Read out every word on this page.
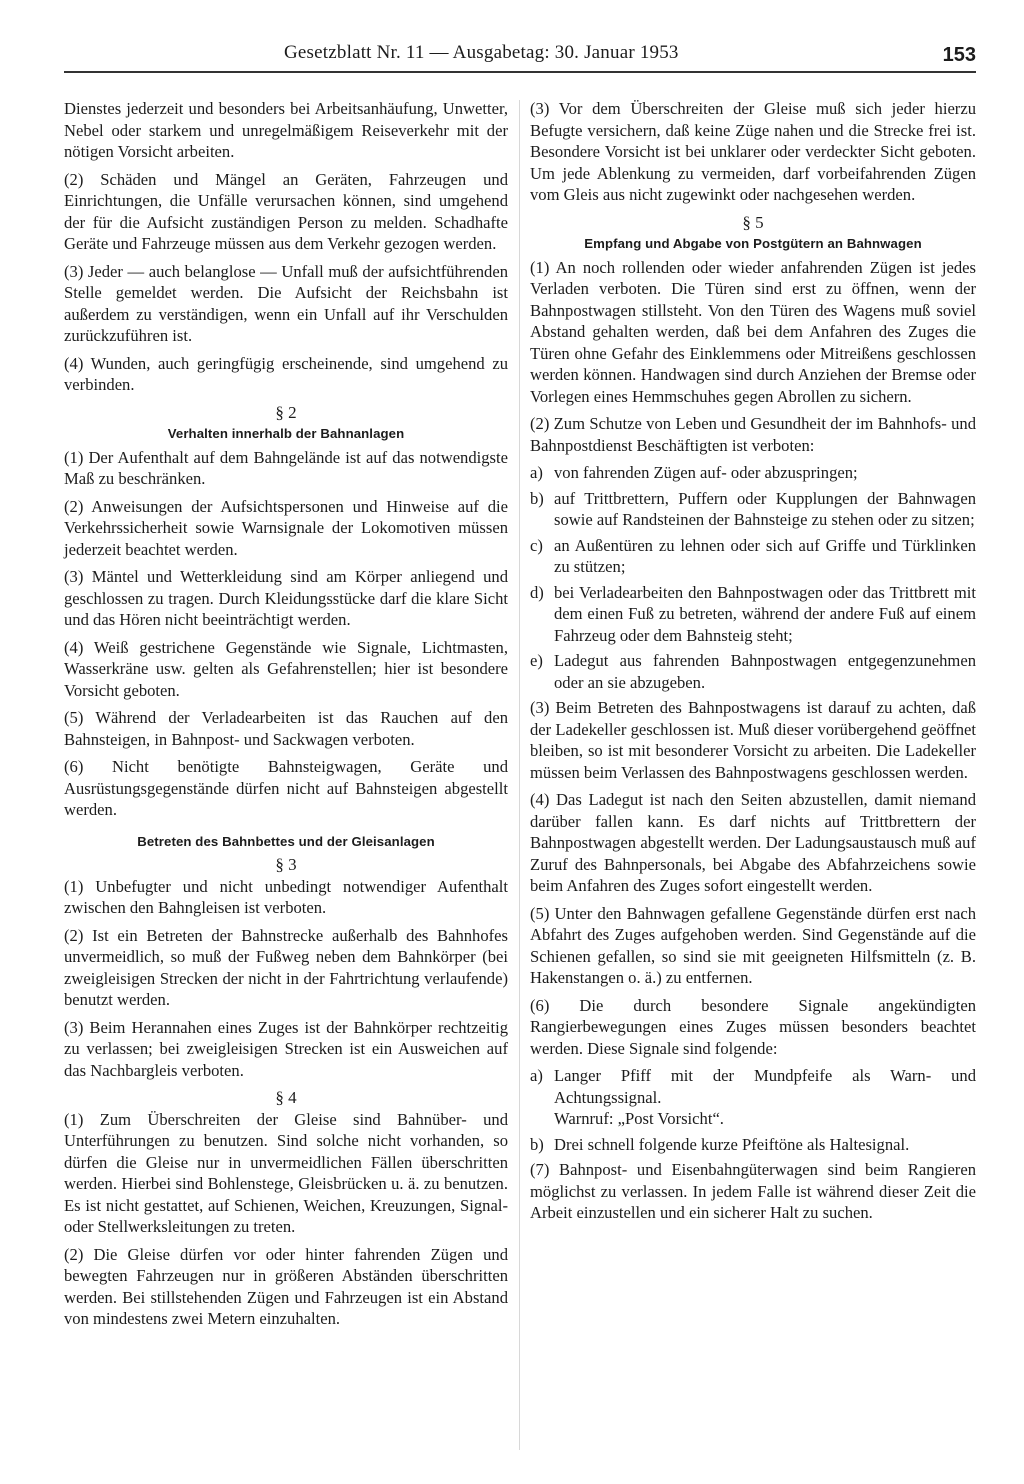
Gesetzblatt Nr. 11 — Ausgabetag: 30. Januar 1953	153

Dienstes jederzeit und besonders bei Arbeitsanhäufung, Unwetter, Nebel oder starkem und unregelmäßigem Reiseverkehr mit der nötigen Vorsicht arbeiten.

(2) Schäden und Mängel an Geräten, Fahrzeugen und Einrichtungen, die Unfälle verursachen können, sind umgehend der für die Aufsicht zuständigen Person zu melden. Schadhafte Geräte und Fahrzeuge müssen aus dem Verkehr gezogen werden.

(3) Jeder — auch belanglose — Unfall muß der aufsichtführenden Stelle gemeldet werden. Die Aufsicht der Reichsbahn ist außerdem zu verständigen, wenn ein Unfall auf ihr Verschulden zurückzuführen ist.

(4) Wunden, auch geringfügig erscheinende, sind umgehend zu verbinden.

§ 2
Verhalten innerhalb der Bahnanlagen

(1) Der Aufenthalt auf dem Bahngelände ist auf das notwendigste Maß zu beschränken.

(2) Anweisungen der Aufsichtspersonen und Hinweise auf die Verkehrssicherheit sowie Warnsignale der Lokomotiven müssen jederzeit beachtet werden.

(3) Mäntel und Wetterkleidung sind am Körper anliegend und geschlossen zu tragen. Durch Kleidungsstücke darf die klare Sicht und das Hören nicht beeinträchtigt werden.

(4) Weiß gestrichene Gegenstände wie Signale, Lichtmasten, Wasserkräne usw. gelten als Gefahrenstellen; hier ist besondere Vorsicht geboten.

(5) Während der Verladearbeiten ist das Rauchen auf den Bahnsteigen, in Bahnpost- und Sackwagen verboten.

(6) Nicht benötigte Bahnsteigwagen, Geräte und Ausrüstungsgegenstände dürfen nicht auf Bahnsteigen abgestellt werden.

Betreten des Bahnbettes und der Gleisanlagen
§ 3

(1) Unbefugter und nicht unbedingt notwendiger Aufenthalt zwischen den Bahngleisen ist verboten.

(2) Ist ein Betreten der Bahnstrecke außerhalb des Bahnhofes unvermeidlich, so muß der Fußweg neben dem Bahnkörper (bei zweigleisigen Strecken der nicht in der Fahrtrichtung verlaufende) benutzt werden.

(3) Beim Herannahen eines Zuges ist der Bahnkörper rechtzeitig zu verlassen; bei zweigleisigen Strecken ist ein Ausweichen auf das Nachbargleis verboten.

§ 4

(1) Zum Überschreiten der Gleise sind Bahnüber- und Unterführungen zu benutzen. Sind solche nicht vorhanden, so dürfen die Gleise nur in unvermeidlichen Fällen überschritten werden. Hierbei sind Bohlenstege, Gleisbrücken u. ä. zu benutzen. Es ist nicht gestattet, auf Schienen, Weichen, Kreuzungen, Signal- oder Stellwerksleitungen zu treten.

(2) Die Gleise dürfen vor oder hinter fahrenden Zügen und bewegten Fahrzeugen nur in größeren Abständen überschritten werden. Bei stillstehenden Zügen und Fahrzeugen ist ein Abstand von mindestens zwei Metern einzuhalten.

(3) Vor dem Überschreiten der Gleise muß sich jeder hierzu Befugte versichern, daß keine Züge nahen und die Strecke frei ist. Besondere Vorsicht ist bei unklarer oder verdeckter Sicht geboten. Um jede Ablenkung zu vermeiden, darf vorbeifahrenden Zügen vom Gleis aus nicht zugewinkt oder nachgesehen werden.

§ 5
Empfang und Abgabe von Postgütern an Bahnwagen

(1) An noch rollenden oder wieder anfahrenden Zügen ist jedes Verladen verboten. Die Türen sind erst zu öffnen, wenn der Bahnpostwagen stillsteht. Von den Türen des Wagens muß soviel Abstand gehalten werden, daß bei dem Anfahren des Zuges die Türen ohne Gefahr des Einklemmens oder Mitreißens geschlossen werden können. Handwagen sind durch Anziehen der Bremse oder Vorlegen eines Hemmschuhes gegen Abrollen zu sichern.

(2) Zum Schutze von Leben und Gesundheit der im Bahnhofs- und Bahnpostdienst Beschäftigten ist verboten:

a) von fahrenden Zügen auf- oder abzuspringen;
b) auf Trittbrettern, Puffern oder Kupplungen der Bahnwagen sowie auf Randsteinen der Bahnsteige zu stehen oder zu sitzen;
c) an Außentüren zu lehnen oder sich auf Griffe und Türklinken zu stützen;
d) bei Verladearbeiten den Bahnpostwagen oder das Trittbrett mit dem einen Fuß zu betreten, während der andere Fuß auf einem Fahrzeug oder dem Bahnsteig steht;
e) Ladegut aus fahrenden Bahnpostwagen entgegenzunehmen oder an sie abzugeben.

(3) Beim Betreten des Bahnpostwagens ist darauf zu achten, daß der Ladekeller geschlossen ist. Muß dieser vorübergehend geöffnet bleiben, so ist mit besonderer Vorsicht zu arbeiten. Die Ladekeller müssen beim Verlassen des Bahnpostwagens geschlossen werden.

(4) Das Ladegut ist nach den Seiten abzustellen, damit niemand darüber fallen kann. Es darf nichts auf Trittbrettern der Bahnpostwagen abgestellt werden. Der Ladungsaustausch muß auf Zuruf des Bahnpersonals, bei Abgabe des Abfahrzeichens sowie beim Anfahren des Zuges sofort eingestellt werden.

(5) Unter den Bahnwagen gefallene Gegenstände dürfen erst nach Abfahrt des Zuges aufgehoben werden. Sind Gegenstände auf die Schienen gefallen, so sind sie mit geeigneten Hilfsmitteln (z. B. Hakenstangen o. ä.) zu entfernen.

(6) Die durch besondere Signale angekündigten Rangierbewegungen eines Zuges müssen besonders beachtet werden. Diese Signale sind folgende:

a) Langer Pfiff mit der Mundpfeife als Warn- und Achtungssignal.
Warnruf: „Post Vorsicht“.
b) Drei schnell folgende kurze Pfeiftöne als Haltesignal.

(7) Bahnpost- und Eisenbahngüterwagen sind beim Rangieren möglichst zu verlassen. In jedem Falle ist während dieser Zeit die Arbeit einzustellen und ein sicherer Halt zu suchen.
